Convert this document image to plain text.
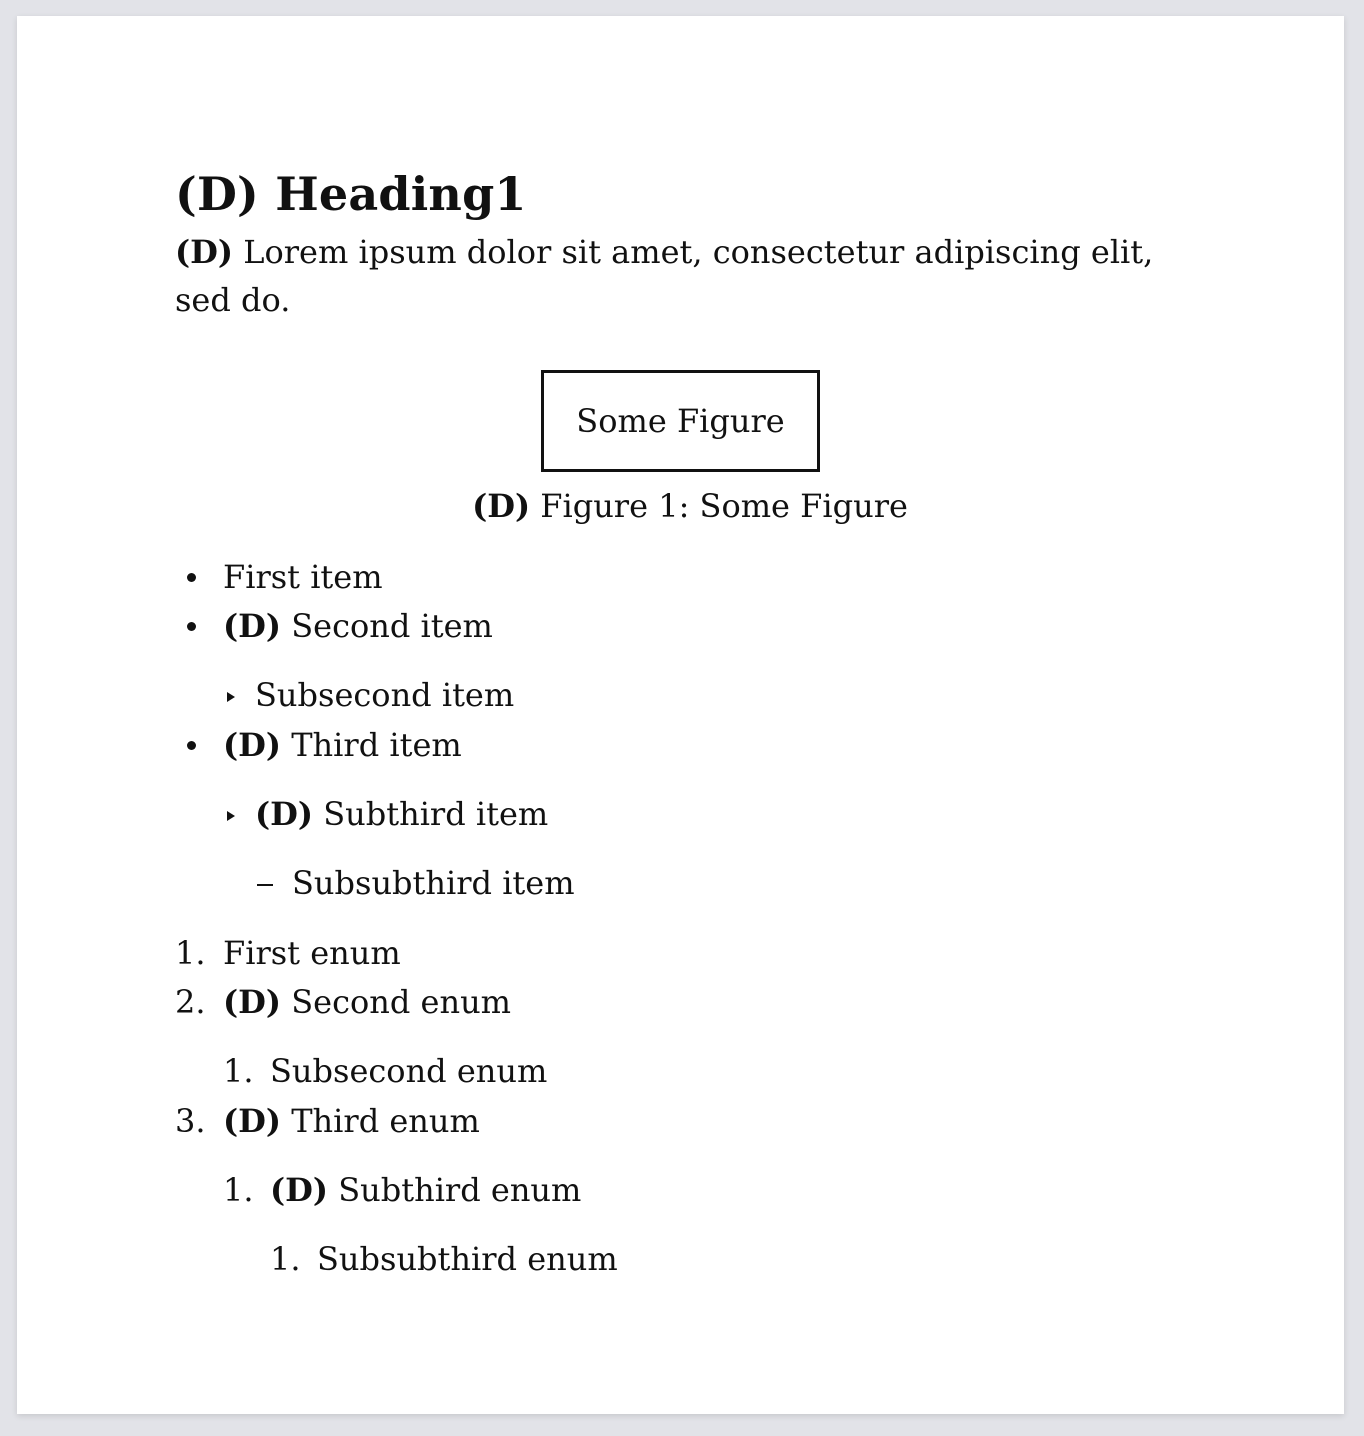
(D) Heading1

(D) Lorem ipsum dolor sit amet, consectetur adipiscing elit, sed do.

Some Figure
(D) Figure 1: Some Figure
First item
(D) Second item
Subsecond item
(D) Third item
(D) Subthird item
Subsubthird item
1. First enum
2. (D) Second enum
1. Subsecond enum
3. (D) Third enum
1. (D) Subthird enum
1. Subsubthird enum
